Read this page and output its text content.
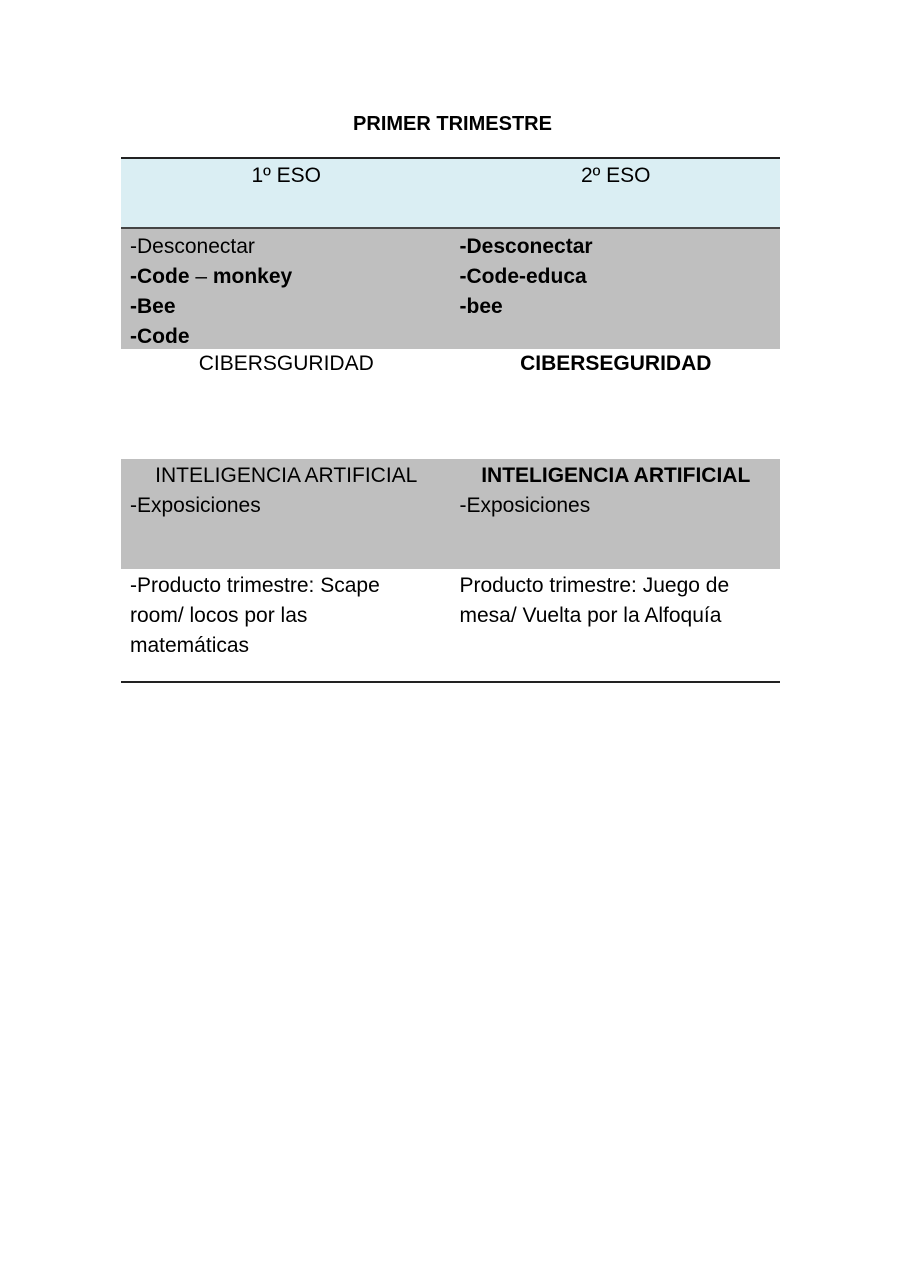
PRIMER TRIMESTRE
1º ESO	2º ESO
-Desconectar
-Code – monkey
-Bee
-Code
-Desconectar
-Code-educa
-bee
CIBERSGURIDAD	CIBERSEGURIDAD
INTELIGENCIA ARTIFICIAL
-Exposiciones
INTELIGENCIA ARTIFICIAL
-Exposiciones
-Producto trimestre: Scape
room/ locos por las
matemáticas
Producto trimestre: Juego de
mesa/ Vuelta por la Alfoquía
